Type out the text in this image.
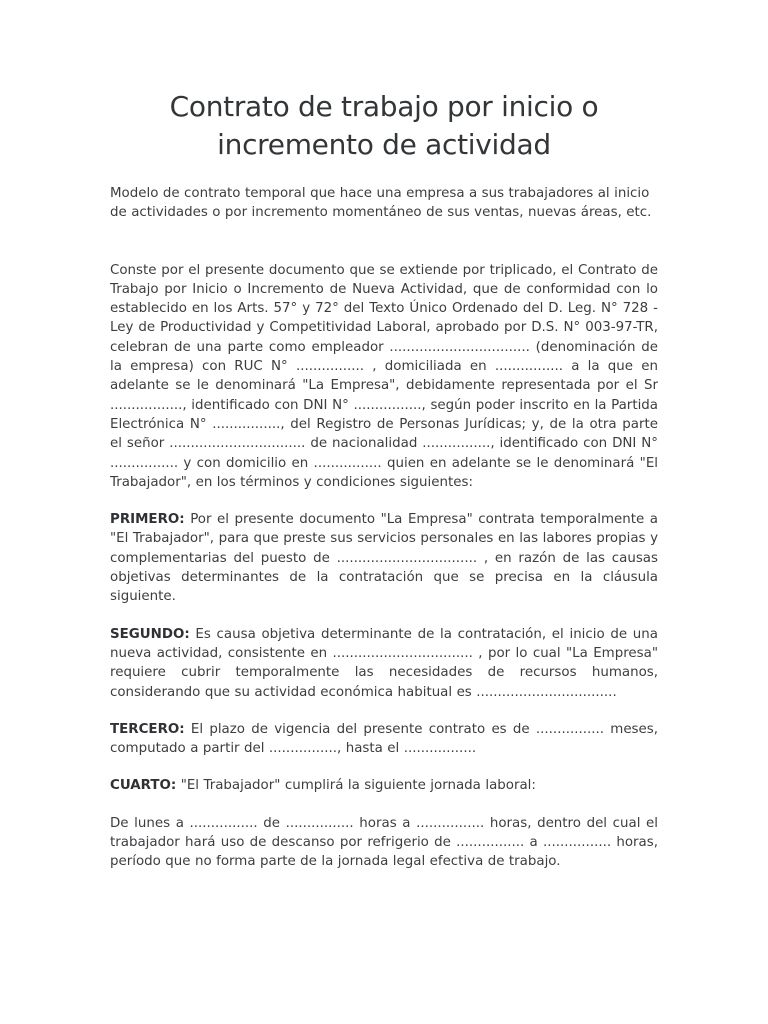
Contrato de trabajo por inicio o
incremento de actividad

Modelo de contrato temporal que hace una empresa a sus trabajadores al inicio de actividades o por incremento momentáneo de sus ventas, nuevas áreas, etc.

Conste por el presente documento que se extiende por triplicado, el Contrato de Trabajo por Inicio o Incremento de Nueva Actividad, que de conformidad con lo establecido en los Arts. 57° y 72° del Texto Único Ordenado del D. Leg. N° 728 - Ley de Productividad y Competitividad Laboral, aprobado por D.S. N° 003-97-TR, celebran de una parte como empleador ................................. (denominación de la empresa) con RUC N° ................ , domiciliada en ................ a la que en adelante se le denominará "La Empresa", debidamente representada por el Sr ................., identificado con DNI N° ................, según poder inscrito en la Partida Electrónica N° ................, del Registro de Personas Jurídicas; y, de la otra parte el señor ................................ de nacionalidad ................, identificado con DNI N° ................ y con domicilio en ................ quien en adelante se le denominará "El Trabajador", en los términos y condiciones siguientes:

PRIMERO: Por el presente documento "La Empresa" contrata temporalmente a "El Trabajador", para que preste sus servicios personales en las labores propias y complementarias del puesto de ................................. , en razón de las causas objetivas determinantes de la contratación que se precisa en la cláusula siguiente.

SEGUNDO: Es causa objetiva determinante de la contratación, el inicio de una nueva actividad, consistente en ................................. , por lo cual "La Empresa" requiere cubrir temporalmente las necesidades de recursos humanos, considerando que su actividad económica habitual es .................................

TERCERO: El plazo de vigencia del presente contrato es de ................ meses, computado a partir del ................, hasta el .................

CUARTO: "El Trabajador" cumplirá la siguiente jornada laboral:

De lunes a ................ de ................ horas a ................ horas, dentro del cual el trabajador hará uso de descanso por refrigerio de ................ a ................ horas, período que no forma parte de la jornada legal efectiva de trabajo.
